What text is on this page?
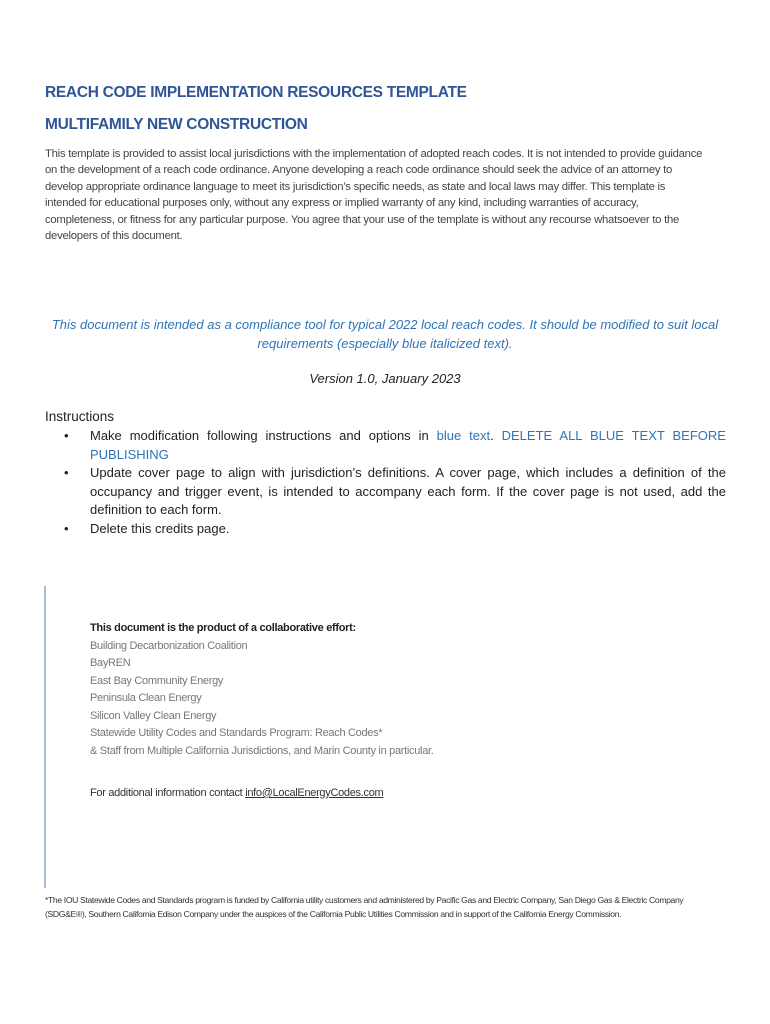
REACH CODE IMPLEMENTATION RESOURCES TEMPLATE
MULTIFAMILY NEW CONSTRUCTION
This template is provided to assist local jurisdictions with the implementation of adopted reach codes. It is not intended to provide guidance on the development of a reach code ordinance. Anyone developing a reach code ordinance should seek the advice of an attorney to develop appropriate ordinance language to meet its jurisdiction’s specific needs, as state and local laws may differ. This template is intended for educational purposes only, without any express or implied warranty of any kind, including warranties of accuracy, completeness, or fitness for any particular purpose. You agree that your use of the template is without any recourse whatsoever to the developers of this document.
This document is intended as a compliance tool for typical 2022 local reach codes. It should be modified to suit local requirements (especially blue italicized text).
Version 1.0, January 2023
Instructions
• Make modification following instructions and options in blue text. DELETE ALL BLUE TEXT BEFORE PUBLISHING
• Update cover page to align with jurisdiction’s definitions. A cover page, which includes a definition of the occupancy and trigger event, is intended to accompany each form. If the cover page is not used, add the definition to each form.
• Delete this credits page.
This document is the product of a collaborative effort:
Building Decarbonization Coalition
BayREN
East Bay Community Energy
Peninsula Clean Energy
Silicon Valley Clean Energy
Statewide Utility Codes and Standards Program: Reach Codes*
& Staff from Multiple California Jurisdictions, and Marin County in particular.
For additional information contact info@LocalEnergyCodes.com
*The IOU Statewide Codes and Standards program is funded by California utility customers and administered by Pacific Gas and Electric Company, San Diego Gas & Electric Company (SDG&E®), Southern California Edison Company under the auspices of the California Public Utilities Commission and in support of the California Energy Commission.
